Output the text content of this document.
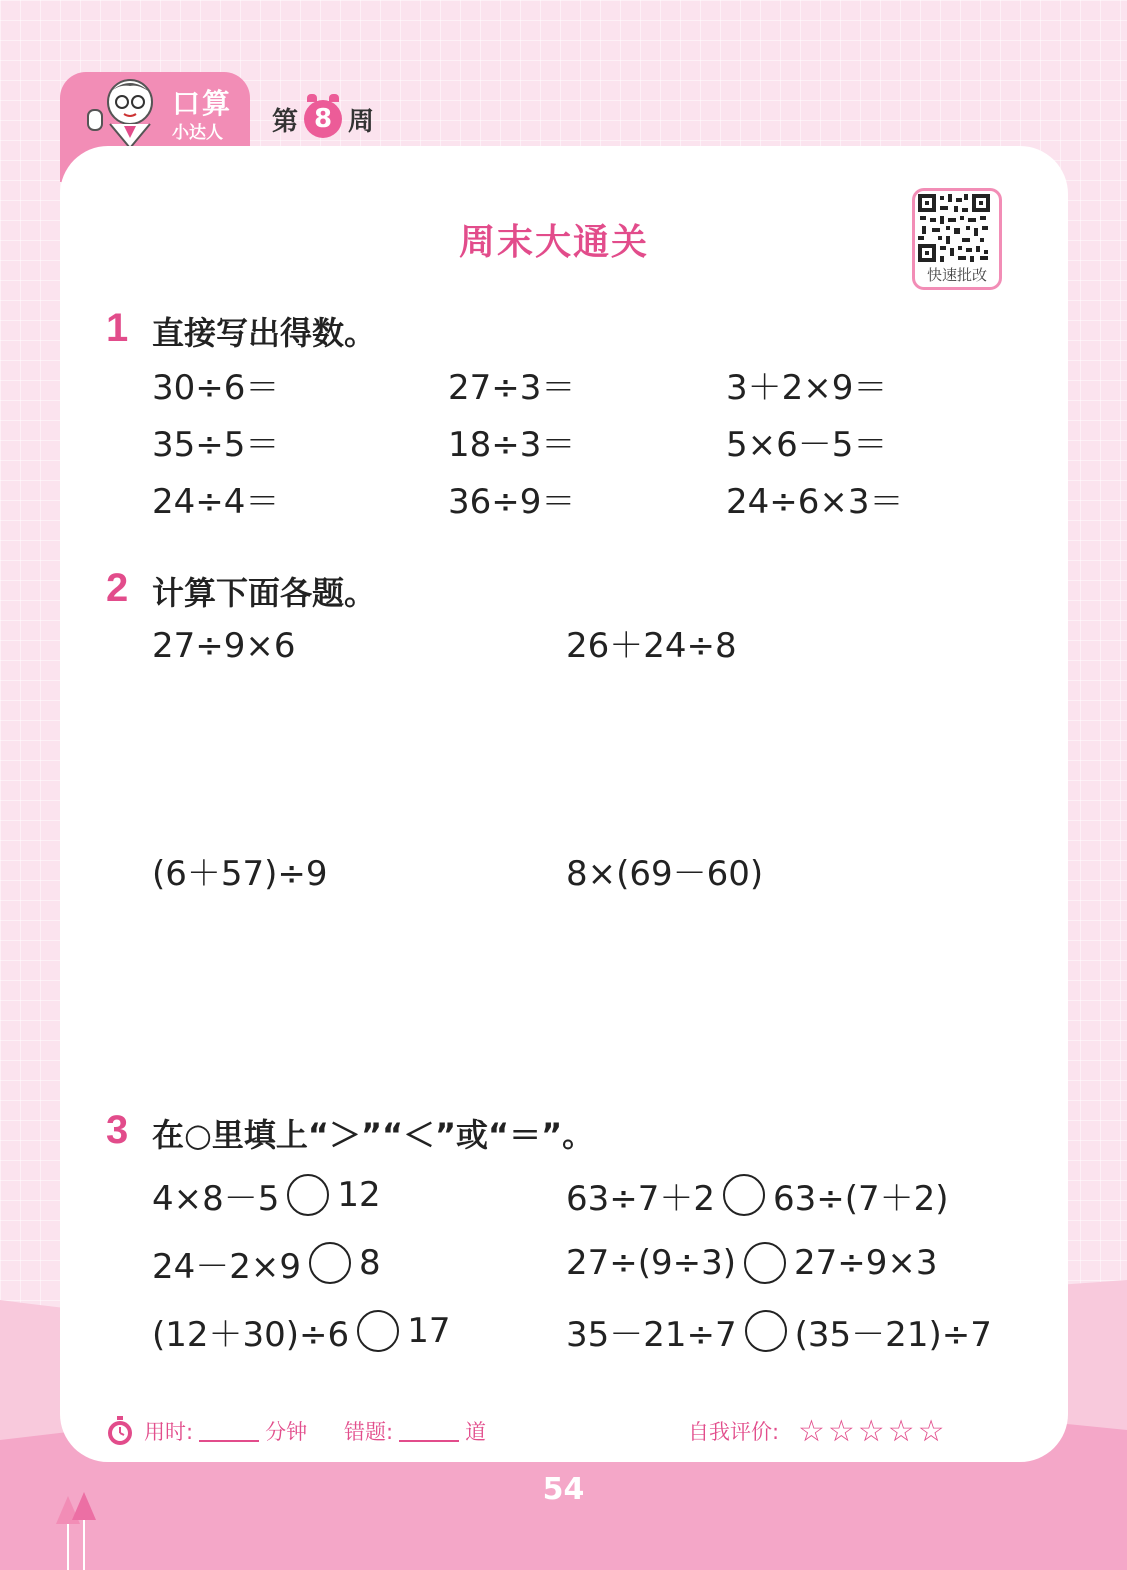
口算
小达人 第 8 周
周末大通关
快速批改
1 直接写出得数。
30÷6＝	27÷3＝	3＋2×9＝
35÷5＝	18÷3＝	5×6－5＝
24÷4＝	36÷9＝	24÷6×3＝
2 计算下面各题。
27÷9×6	26＋24÷8
(6＋57)÷9	8×(69－60)
3 在○里填上“＞”“＜”或“＝”。
4×8－5 12	63÷7＋2 63÷(7＋2)
24－2×9 8	27÷(9÷3) 27÷9×3
(12＋30)÷6 17	35－21÷7 (35－21)÷7
用时:	分钟 错题:	道	自我评价: ☆☆☆☆☆
54
